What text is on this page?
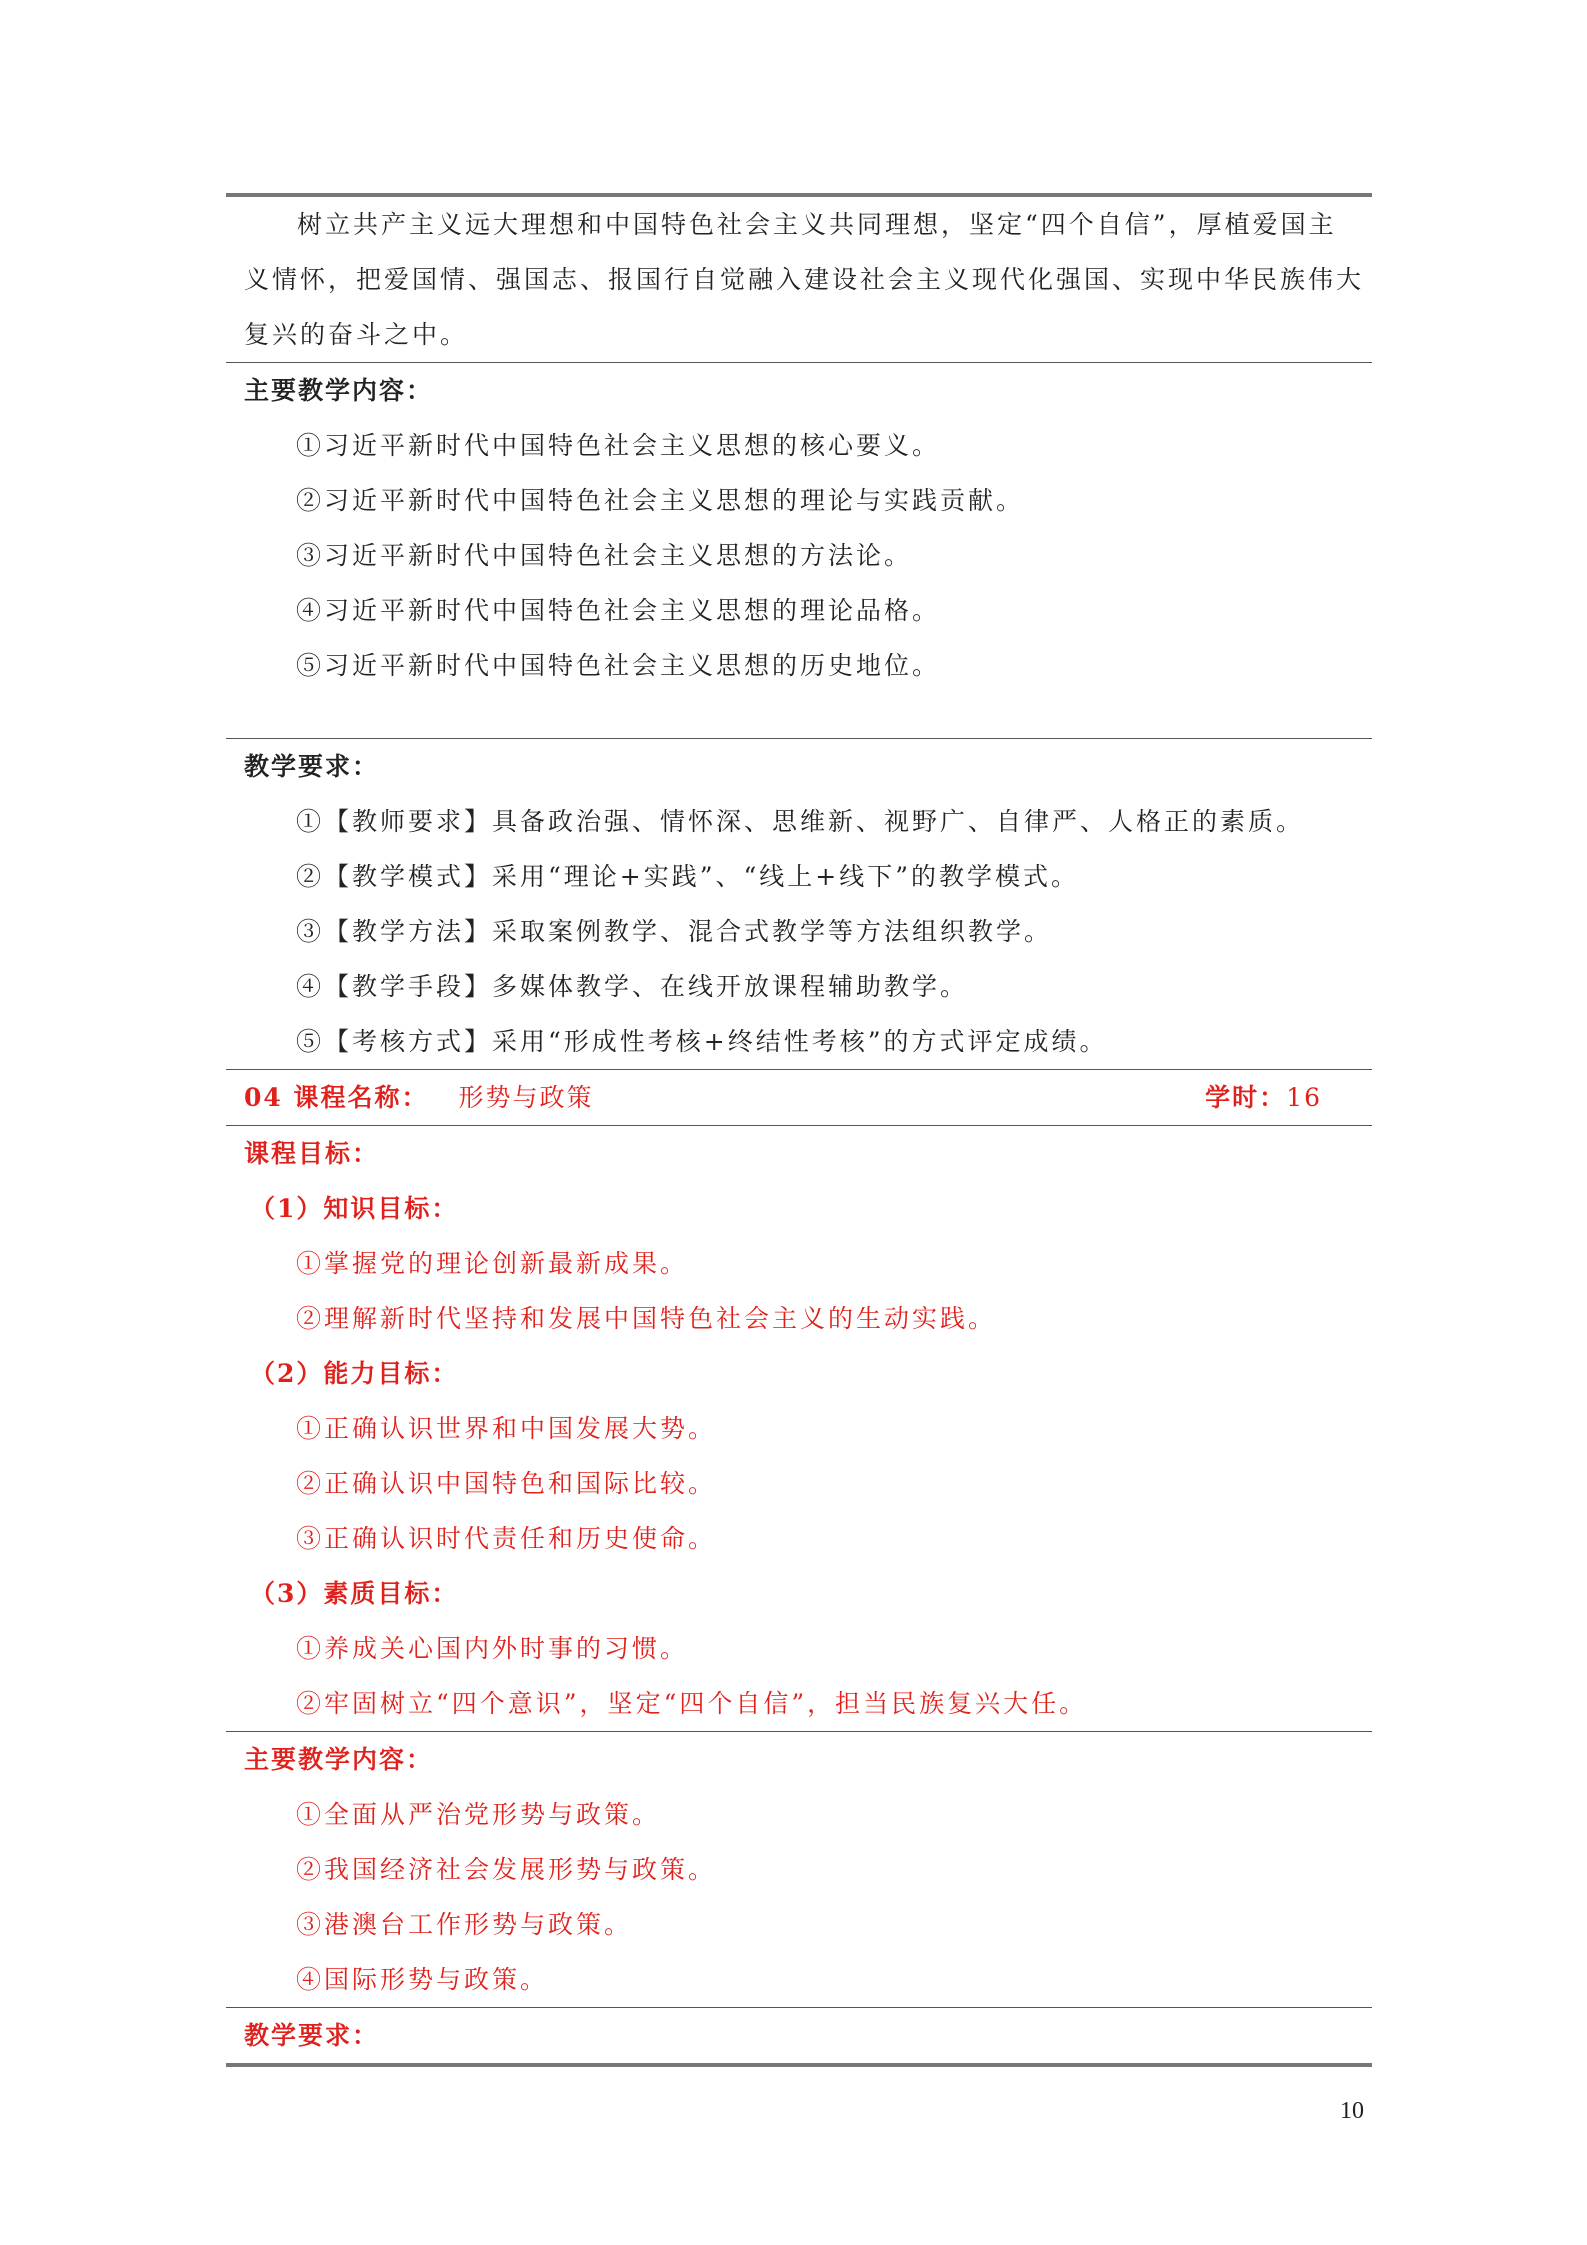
树立共产主义远大理想和中国特色社会主义共同理想，坚定“四个自信”，厚植爱国主
义情怀，把爱国情、强国志、报国行自觉融入建设社会主义现代化强国、实现中华民族伟大
复兴的奋斗之中。
主要教学内容：
①习近平新时代中国特色社会主义思想的核心要义。
②习近平新时代中国特色社会主义思想的理论与实践贡献。
③习近平新时代中国特色社会主义思想的方法论。
④习近平新时代中国特色社会主义思想的理论品格。
⑤习近平新时代中国特色社会主义思想的历史地位。
教学要求：
①【教师要求】具备政治强、情怀深、思维新、视野广、自律严、人格正的素质。
②【教学模式】采用“理论+实践”、“线上+线下”的教学模式。
③【教学方法】采取案例教学、混合式教学等方法组织教学。
④【教学手段】多媒体教学、在线开放课程辅助教学。
⑤【考核方式】采用“形成性考核+终结性考核”的方式评定成绩。
04 课程名称： 形势与政策	学时：16
课程目标：
（1）知识目标：
①掌握党的理论创新最新成果。
②理解新时代坚持和发展中国特色社会主义的生动实践。
（2）能力目标：
①正确认识世界和中国发展大势。
②正确认识中国特色和国际比较。
③正确认识时代责任和历史使命。
（3）素质目标：
①养成关心国内外时事的习惯。
②牢固树立“四个意识”，坚定“四个自信”，担当民族复兴大任。
主要教学内容：
①全面从严治党形势与政策。
②我国经济社会发展形势与政策。
③港澳台工作形势与政策。
④国际形势与政策。
教学要求：
10
